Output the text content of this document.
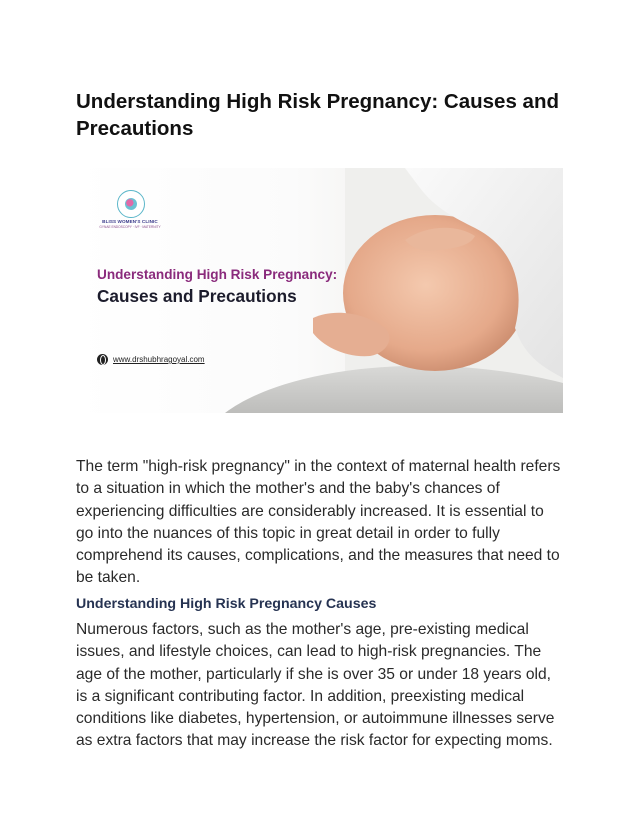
Understanding High Risk Pregnancy: Causes and Precautions
BLISS WOMEN'S CLINIC
GYNAE ENDOSCOPY · IVF · MATERNITY
Understanding High Risk Pregnancy:
Causes and Precautions
www.drshubhragoyal.com

The term "high-risk pregnancy" in the context of maternal health refers to a situation in which the mother's and the baby's chances of experiencing difficulties are considerably increased. It is essential to go into the nuances of this topic in great detail in order to fully comprehend its causes, complications, and the measures that need to be taken.

Understanding High Risk Pregnancy Causes

Numerous factors, such as the mother's age, pre-existing medical issues, and lifestyle choices, can lead to high-risk pregnancies. The age of the mother, particularly if she is over 35 or under 18 years old, is a significant contributing factor. In addition, preexisting medical conditions like diabetes, hypertension, or autoimmune illnesses serve as extra factors that may increase the risk factor for expecting moms.
